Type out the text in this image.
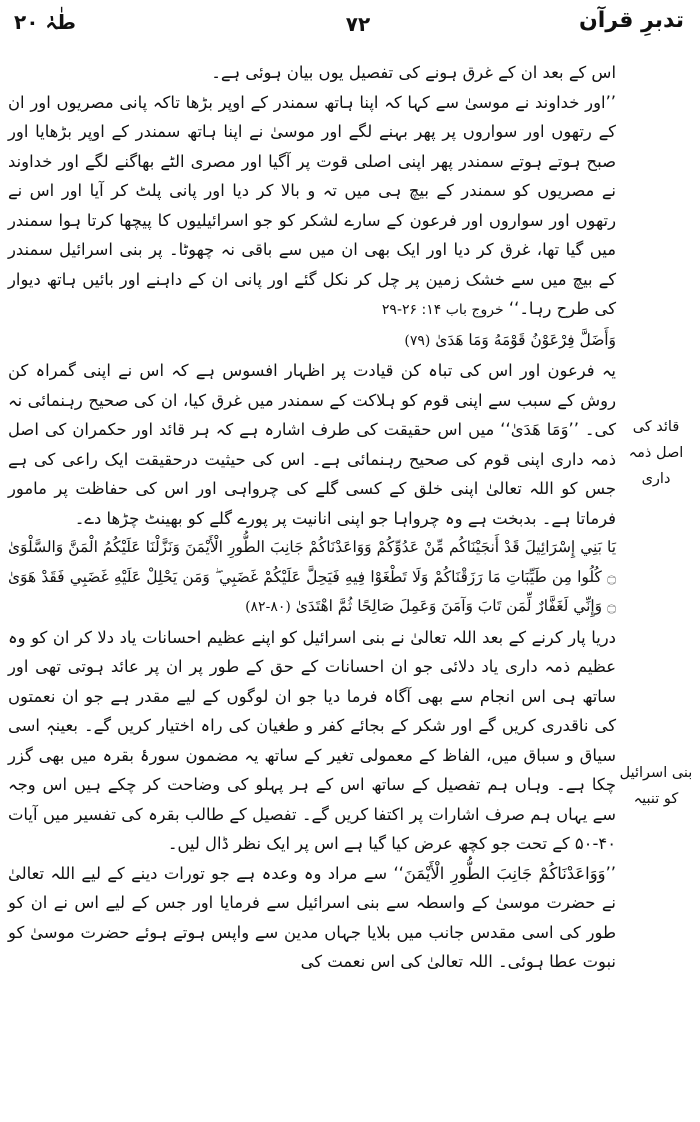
طٰہٰ ۲۰	۷۲	تدبرِ قرآن
قائد کی اصل ذمہ داری
بنی اسرائیل کو تنبیہ

اس کے بعد ان کے غرق ہونے کی تفصیل یوں بیان ہوئی ہے۔

’’اور خداوند نے موسیٰ سے کہا کہ اپنا ہاتھ سمندر کے اوپر بڑھا تاکہ پانی مصریوں اور ان کے رتھوں اور سواروں پر پھر بہنے لگے اور موسیٰ نے اپنا ہاتھ سمندر کے اوپر بڑھایا اور صبح ہوتے ہوتے سمندر پھر اپنی اصلی قوت پر آگیا اور مصری الٹے بھاگنے لگے اور خداوند نے مصریوں کو سمندر کے بیچ ہی میں تہ و بالا کر دیا اور پانی پلٹ کر آیا اور اس نے رتھوں اور سواروں اور فرعون کے سارے لشکر کو جو اسرائیلیوں کا پیچھا کرتا ہوا سمندر میں گیا تھا، غرق کر دیا اور ایک بھی ان میں سے باقی نہ چھوٹا۔ پر بنی اسرائیل سمندر کے بیچ میں سے خشک زمین پر چل کر نکل گئے اور پانی ان کے داہنے اور بائیں ہاتھ دیوار کی طرح رہا۔‘‘ خروج باب ۱۴: ۲۶-۲۹

وَأَضَلَّ فِرْعَوْنُ قَوْمَهُ وَمَا هَدَىٰ (۷۹)

یہ فرعون اور اس کی تباہ کن قیادت پر اظہار افسوس ہے کہ اس نے اپنی گمراہ کن روش کے سبب سے اپنی قوم کو ہلاکت کے سمندر میں غرق کیا، ان کی صحیح رہنمائی نہ کی۔ ’’وَمَا هَدَىٰ‘‘ میں اس حقیقت کی طرف اشارہ ہے کہ ہر قائد اور حکمران کی اصل ذمہ داری اپنی قوم کی صحیح رہنمائی ہے۔ اس کی حیثیت درحقیقت ایک راعی کی ہے جس کو اللہ تعالیٰ اپنی خلق کے کسی گلے کی چرواہی اور اس کی حفاظت پر مامور فرماتا ہے۔ بدبخت ہے وہ چرواہا جو اپنی انانیت پر پورے گلے کو بھینٹ چڑھا دے۔

يَا بَنِي إِسْرَائِيلَ قَدْ أَنجَيْنَاكُم مِّنْ عَدُوِّكُمْ وَوَاعَدْنَاكُمْ جَانِبَ الطُّورِ الْأَيْمَنَ وَنَزَّلْنَا عَلَيْكُمُ الْمَنَّ وَالسَّلْوَىٰ ۝ كُلُوا مِن طَيِّبَاتِ مَا رَزَقْنَاكُمْ وَلَا تَطْغَوْا فِيهِ فَيَحِلَّ عَلَيْكُمْ غَضَبِي ۖ وَمَن يَحْلِلْ عَلَيْهِ غَضَبِي فَقَدْ هَوَىٰ ۝ وَإِنِّي لَغَفَّارٌ لِّمَن تَابَ وَآمَنَ وَعَمِلَ صَالِحًا ثُمَّ اهْتَدَىٰ (۸۰-۸۲)

دریا پار کرنے کے بعد اللہ تعالیٰ نے بنی اسرائیل کو اپنے عظیم احسانات یاد دلا کر ان کو وہ عظیم ذمہ داری یاد دلائی جو ان احسانات کے حق کے طور پر ان پر عائد ہوتی تھی اور ساتھ ہی اس انجام سے بھی آگاہ فرما دیا جو ان لوگوں کے لیے مقدر ہے جو ان نعمتوں کی ناقدری کریں گے اور شکر کے بجائے کفر و طغیان کی راہ اختیار کریں گے۔ بعینہٖ اسی سیاق و سباق میں، الفاظ کے معمولی تغیر کے ساتھ یہ مضمون سورۂ بقرہ میں بھی گزر چکا ہے۔ وہاں ہم تفصیل کے ساتھ اس کے ہر پہلو کی وضاحت کر چکے ہیں اس وجہ سے یہاں ہم صرف اشارات پر اکتفا کریں گے۔ تفصیل کے طالب بقرہ کی تفسیر میں آیات ۴۰-۵۰ کے تحت جو کچھ عرض کیا گیا ہے اس پر ایک نظر ڈال لیں۔

’’وَوَاعَدْنَاكُمْ جَانِبَ الطُّورِ الْأَيْمَنَ‘‘ سے مراد وہ وعدہ ہے جو تورات دینے کے لیے اللہ تعالیٰ نے حضرت موسیٰ کے واسطہ سے بنی اسرائیل سے فرمایا اور جس کے لیے اس نے ان کو طور کی اسی مقدس جانب میں بلایا جہاں مدین سے واپس ہوتے ہوئے حضرت موسیٰ کو نبوت عطا ہوئی۔ اللہ تعالیٰ کی اس نعمت کی
